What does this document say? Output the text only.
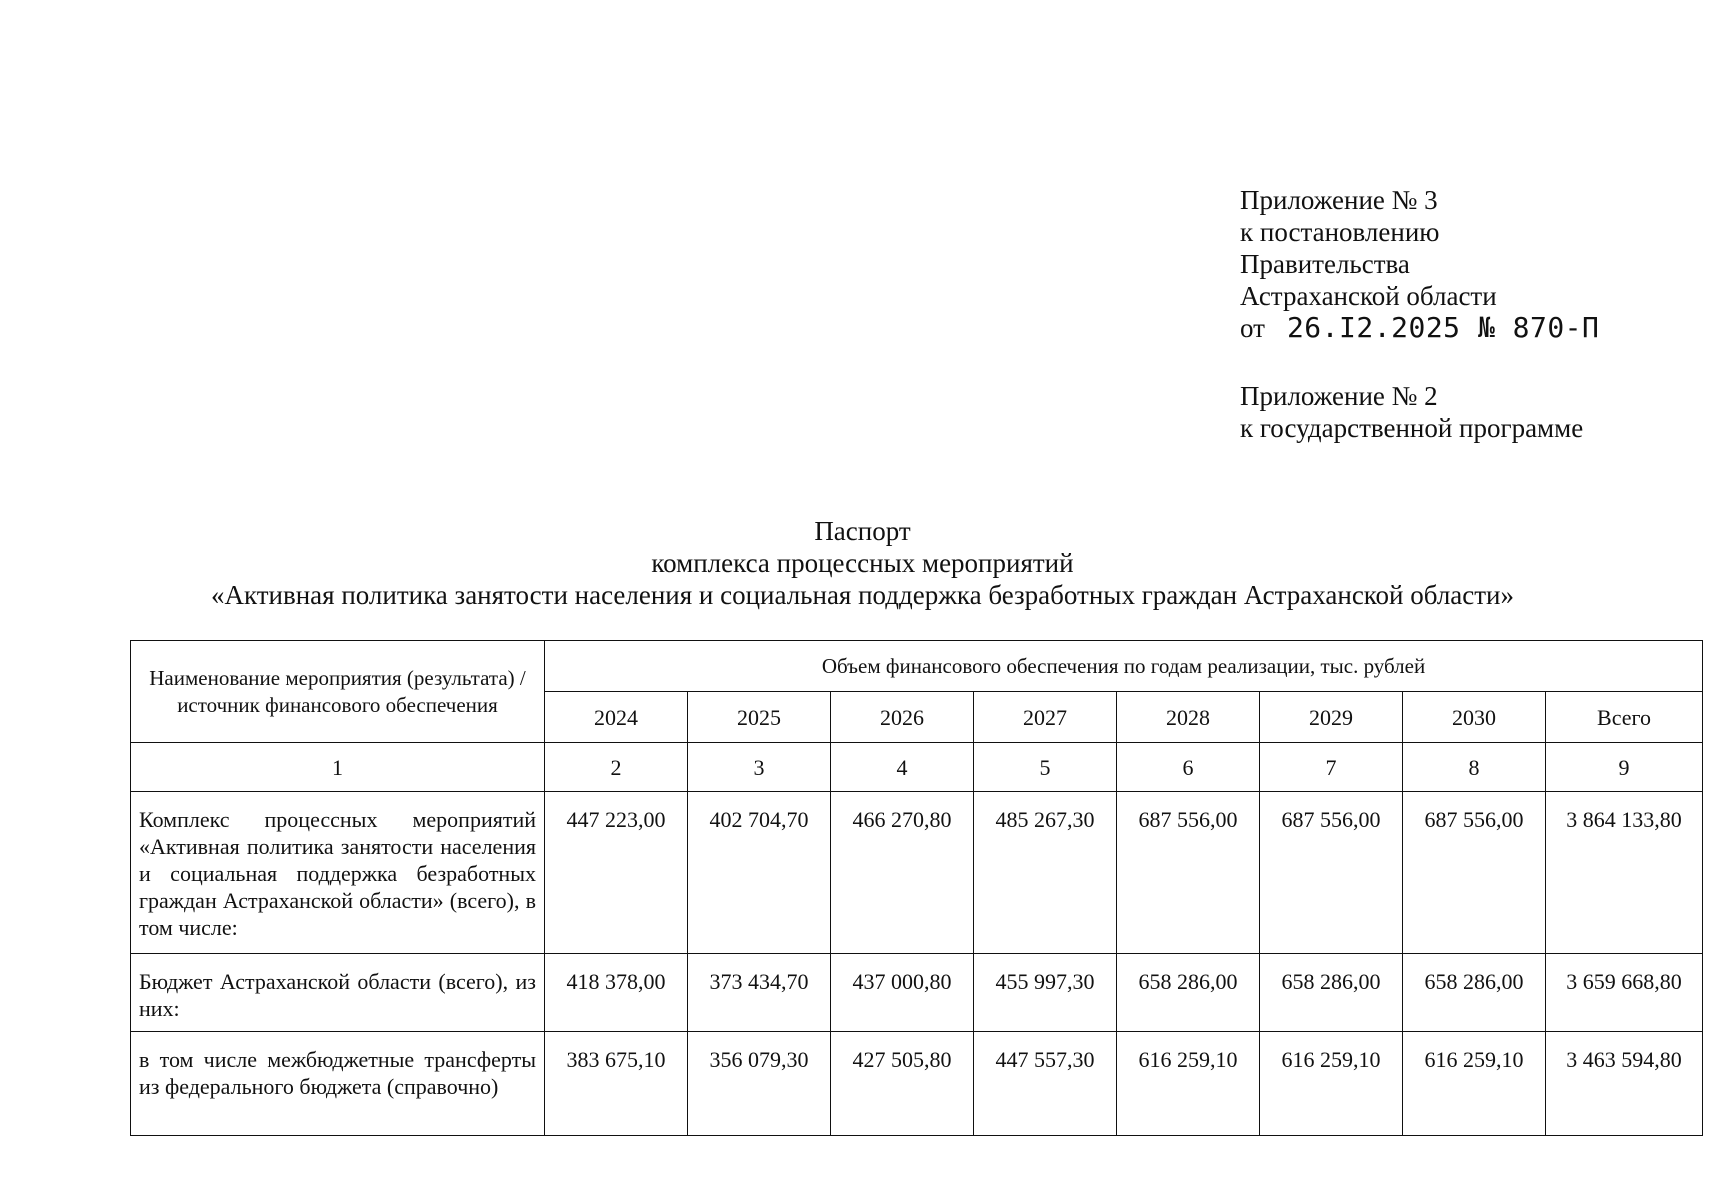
Приложение № 3
к постановлению
Правительства
Астраханской области
от 26.I2.2025 № 870-П
Приложение № 2
к государственной программе
Паспорт
комплекса процессных мероприятий
«Активная политика занятости населения и социальная поддержка безработных граждан Астраханской области»
Наименование мероприятия (результата) / источник финансового обеспечения	Объем финансового обеспечения по годам реализации, тыс. рублей							
	2024	2025	2026	2027	2028	2029	2030	Всего
1	2	3	4	5	6	7	8	9
Комплекс процессных мероприятий «Активная политика занятости населения и социальная поддержка безработных граждан Астраханской области» (всего), в том числе:	447 223,00	402 704,70	466 270,80	485 267,30	687 556,00	687 556,00	687 556,00	3 864 133,80
Бюджет Астраханской области (всего), из них:	418 378,00	373 434,70	437 000,80	455 997,30	658 286,00	658 286,00	658 286,00	3 659 668,80
в том числе межбюджетные трансферты из федерального бюджета (справочно)	383 675,10	356 079,30	427 505,80	447 557,30	616 259,10	616 259,10	616 259,10	3 463 594,80
